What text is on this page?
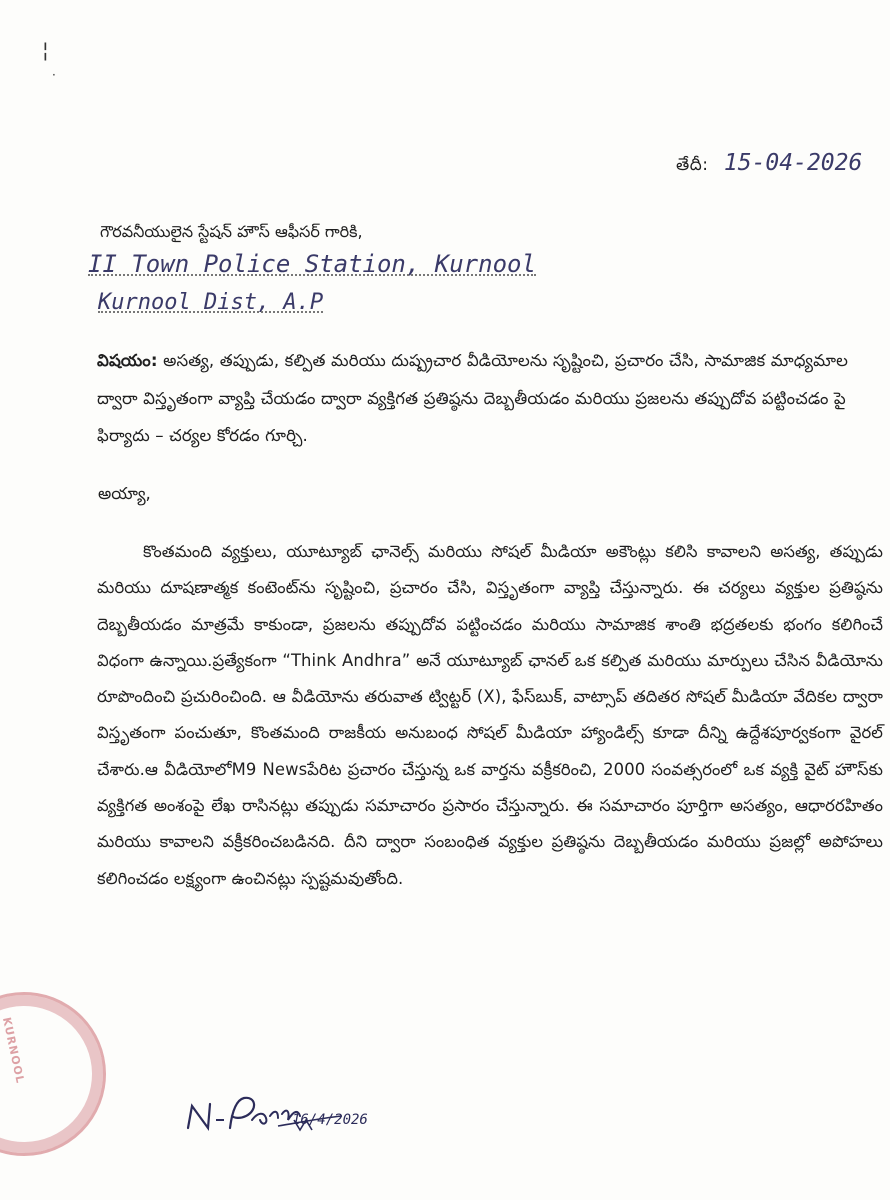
¦
·
తేదీ: 15-04-2026
గౌరవనీయులైన స్టేషన్ హౌస్ ఆఫీసర్ గారికి,
II Town Police Station, Kurnool
Kurnool Dist, A.P
విషయం: అసత్య, తప్పుడు, కల్పిత మరియు దుష్ప్రచార వీడియోలను సృష్టించి, ప్రచారం చేసి, సామాజిక మాధ్యమాల ద్వారా విస్తృతంగా వ్యాప్తి చేయడం ద్వారా వ్యక్తిగత ప్రతిష్ఠను దెబ్బతీయడం మరియు ప్రజలను తప్పుదోవ పట్టించడం పై ఫిర్యాదు – చర్యల కోరడం గూర్చి.
అయ్యా,
కొంతమంది వ్యక్తులు, యూట్యూబ్ ఛానెల్స్ మరియు సోషల్ మీడియా అకౌంట్లు కలిసి కావాలని అసత్య, తప్పుడు మరియు దూషణాత్మక కంటెంట్‌ను సృష్టించి, ప్రచారం చేసి, విస్తృతంగా వ్యాప్తి చేస్తున్నారు. ఈ చర్యలు వ్యక్తుల ప్రతిష్ఠను దెబ్బతీయడం మాత్రమే కాకుండా, ప్రజలను తప్పుదోవ పట్టించడం మరియు సామాజిక శాంతి భద్రతలకు భంగం కలిగించే విధంగా ఉన్నాయి.ప్రత్యేకంగా “Think Andhra” అనే యూట్యూబ్ ఛానల్ ఒక కల్పిత మరియు మార్పులు చేసిన వీడియోను రూపొందించి ప్రచురించింది. ఆ వీడియోను తరువాత ట్విట్టర్ (X), ఫేస్‌బుక్, వాట్సాప్ తదితర సోషల్ మీడియా వేదికల ద్వారా విస్తృతంగా పంచుతూ, కొంతమంది రాజకీయ అనుబంధ సోషల్ మీడియా హ్యాండిల్స్ కూడా దీన్ని ఉద్దేశపూర్వకంగా వైరల్ చేశారు.ఆ వీడియోలోM9 Newsపేరిట ప్రచారం చేస్తున్న ఒక వార్తను వక్రీకరించి, 2000 సంవత్సరంలో ఒక వ్యక్తి వైట్ హౌస్‌కు వ్యక్తిగత అంశంపై లేఖ రాసినట్లు తప్పుడు సమాచారం ప్రసారం చేస్తున్నారు. ఈ సమాచారం పూర్తిగా అసత్యం, ఆధారరహితం మరియు కావాలని వక్రీకరించబడినది. దీని ద్వారా సంబంధిత వ్యక్తుల ప్రతిష్ఠను దెబ్బతీయడం మరియు ప్రజల్లో అపోహలు కలిగించడం లక్ష్యంగా ఉంచినట్లు స్పష్టమవుతోంది.
KURNOOL
16/4/2026
